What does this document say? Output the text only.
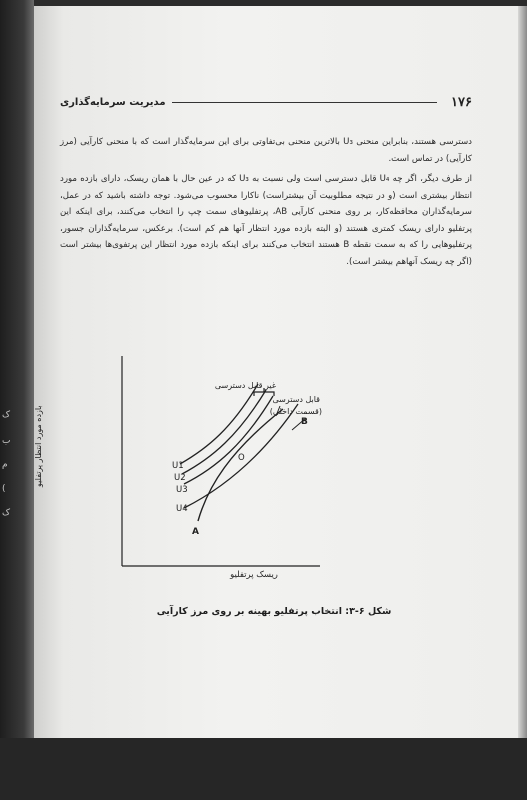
ک
ب
م
(
ک
۱۷۶
مدیریت سرمایه‌گذاری
دسترسی هستند، بنابراین منحنی U₃ بالاترین منحنی بی‌تفاوتی برای این سرمایه‌گذار است که با منحنی کارآیی (مرز کارآیی) در تماس است.
از طرف دیگر، اگر چه U₄ قابل دسترسی است ولی نسبت به U₃ که در عین حال با همان ریسک، دارای بازده مورد انتظار بیشتری است (و در نتیجه مطلوبیت آن بیشتراست) ناکارا محسوب می‌شود. توجه داشته باشید که در عمل، سرمایه‌گذاران محافظه‌کار، بر روی منحنی کارآیی AB، پرتفلیوهای سمت چپ را انتخاب می‌کنند، برای اینکه این پرتفلیو دارای ریسک کمتری هستند (و البته بازده مورد انتظار آنها هم کم است). برعکس، سرمایه‌گذاران جسور، پرتفلیوهایی را که به سمت نقطه B هستند انتخاب می‌کنند برای اینکه بازده مورد انتظار این پرتفوی‌ها بیشتر است (اگر چه ریسک آنهاهم بیشتر است).
بازده مورد انتظار پرتفلیو
غیر قابل دسترسی
قابل دسترسی
(قسمت داخلی)
U1
U2
U3
U4
O
B
A
ریسک پرتفلیو
شکل ۶-۳: انتخاب پرتفلیو بهینه بر روی مرز کارآیی
